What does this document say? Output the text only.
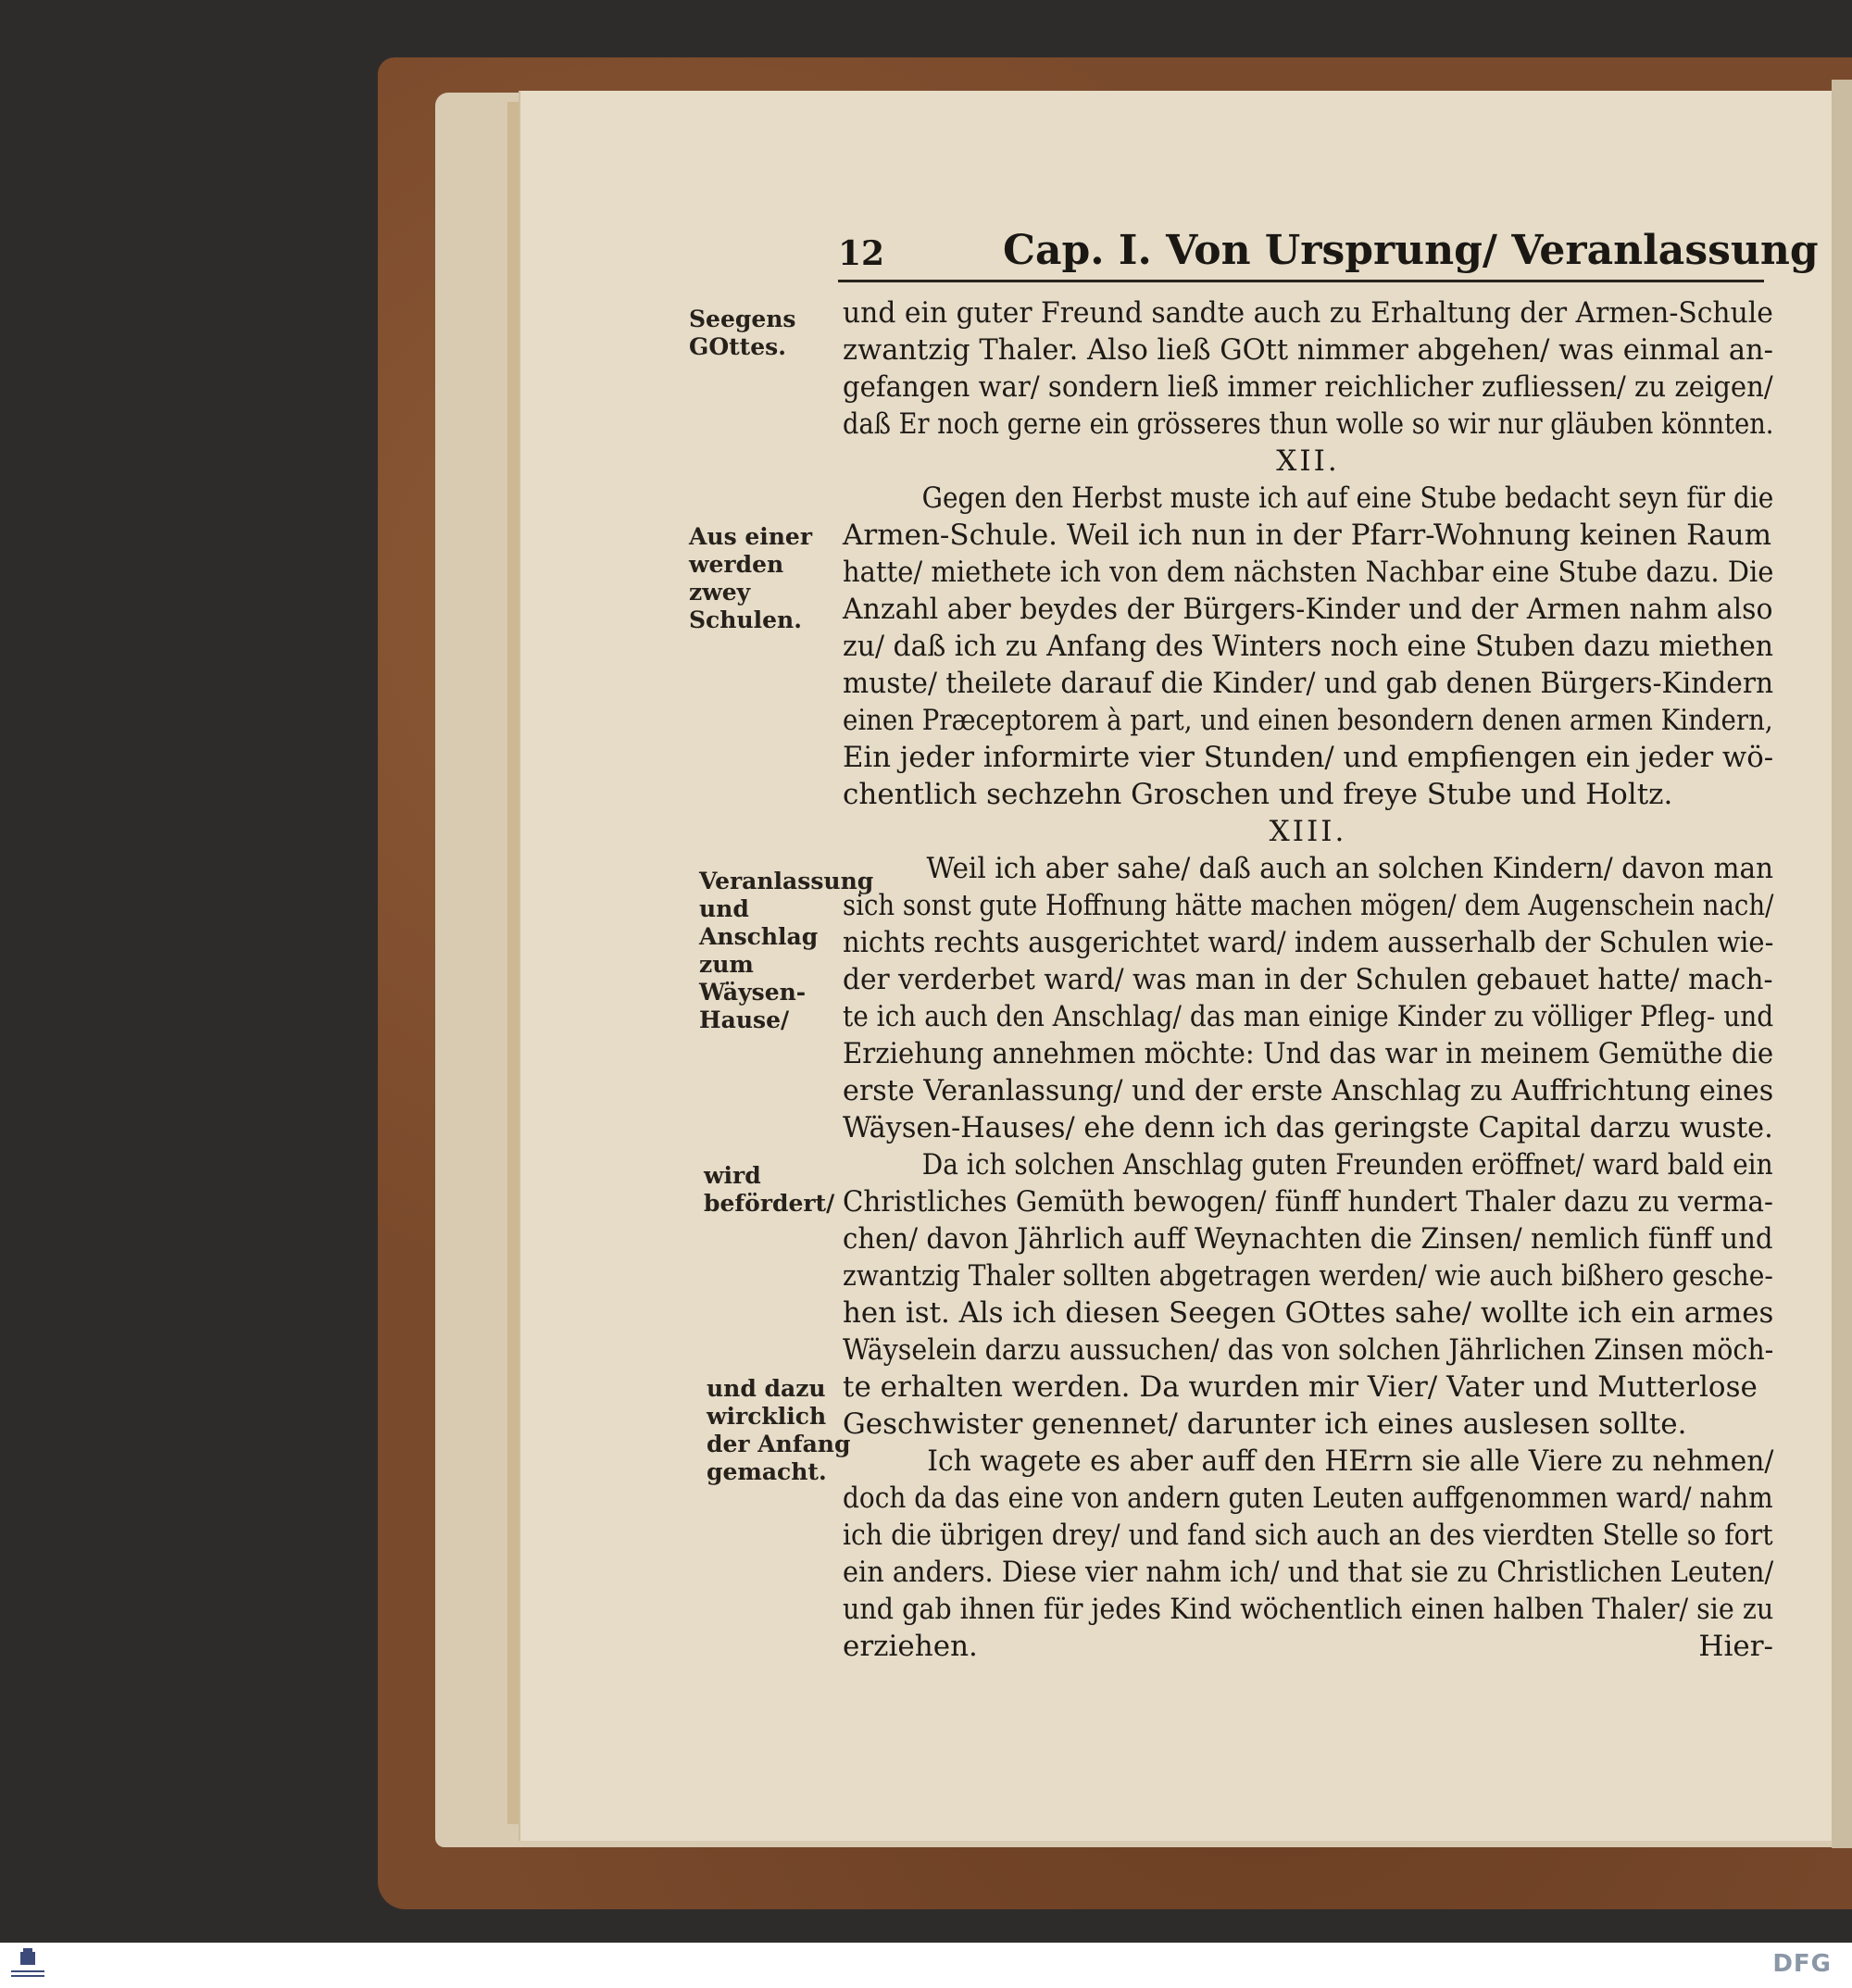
12	Cap. I. Von Ursprung/ Veranlassung
Seegens GOttes.
Aus einer werden zwey Schulen.
Veranlassung und Anschlag zum Wäysen-Hause/
wird befördert/
und dazu wircklich der Anfang gemacht.
und ein guter Freund sandte auch zu Erhaltung der Armen-Schule
zwantzig Thaler. Also ließ GOtt nimmer abgehen/ was einmal an-
gefangen war/ sondern ließ immer reichlicher zufliessen/ zu zeigen/
daß Er noch gerne ein grösseres thun wolle so wir nur gläuben könnten.
XII.
Gegen den Herbst muste ich auf eine Stube bedacht seyn für die
Armen-Schule. Weil ich nun in der Pfarr-Wohnung keinen Raum
hatte/ miethete ich von dem nächsten Nachbar eine Stube dazu. Die
Anzahl aber beydes der Bürgers-Kinder und der Armen nahm also
zu/ daß ich zu Anfang des Winters noch eine Stuben dazu miethen
muste/ theilete darauf die Kinder/ und gab denen Bürgers-Kindern
einen Præceptorem à part, und einen besondern denen armen Kindern,
Ein jeder informirte vier Stunden/ und empfiengen ein jeder wö-
chentlich sechzehn Groschen und freye Stube und Holtz.
XIII.
Weil ich aber sahe/ daß auch an solchen Kindern/ davon man
sich sonst gute Hoffnung hätte machen mögen/ dem Augenschein nach/
nichts rechts ausgerichtet ward/ indem ausserhalb der Schulen wie-
der verderbet ward/ was man in der Schulen gebauet hatte/ mach-
te ich auch den Anschlag/ das man einige Kinder zu völliger Pfleg- und
Erziehung annehmen möchte: Und das war in meinem Gemüthe die
erste Veranlassung/ und der erste Anschlag zu Auffrichtung eines
Wäysen-Hauses/ ehe denn ich das geringste Capital darzu wuste.
Da ich solchen Anschlag guten Freunden eröffnet/ ward bald ein
Christliches Gemüth bewogen/ fünff hundert Thaler dazu zu verma-
chen/ davon Jährlich auff Weynachten die Zinsen/ nemlich fünff und
zwantzig Thaler sollten abgetragen werden/ wie auch bißhero gesche-
hen ist. Als ich diesen Seegen GOttes sahe/ wollte ich ein armes
Wäyselein darzu aussuchen/ das von solchen Jährlichen Zinsen möch-
te erhalten werden. Da wurden mir Vier/ Vater und Mutterlose
Geschwister genennet/ darunter ich eines auslesen sollte.
Ich wagete es aber auff den HErrn sie alle Viere zu nehmen/
doch da das eine von andern guten Leuten auffgenommen ward/ nahm
ich die übrigen drey/ und fand sich auch an des vierdten Stelle so fort
ein anders. Diese vier nahm ich/ und that sie zu Christlichen Leuten/
und gab ihnen für jedes Kind wöchentlich einen halben Thaler/ sie zu
erziehen.	Hier-
DFG
